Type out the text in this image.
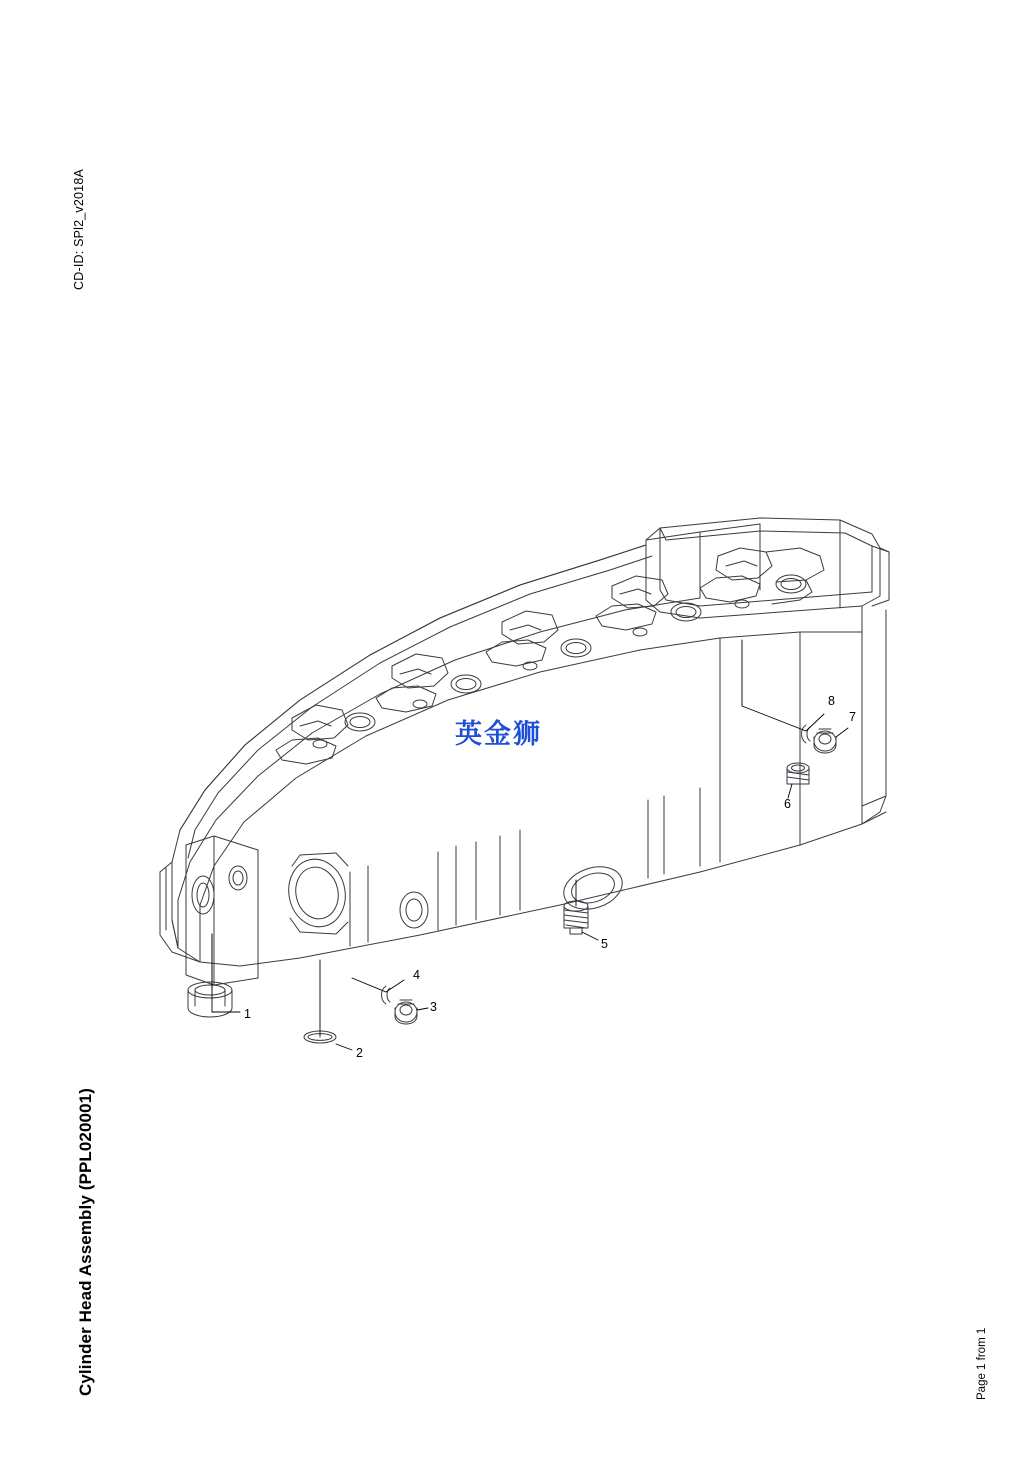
CD-ID: SPl2_v2018A
Cylinder Head Assembly (PPL020001)	Page 1 from 1
英金狮
1
2
3
4
5
6
7
8
